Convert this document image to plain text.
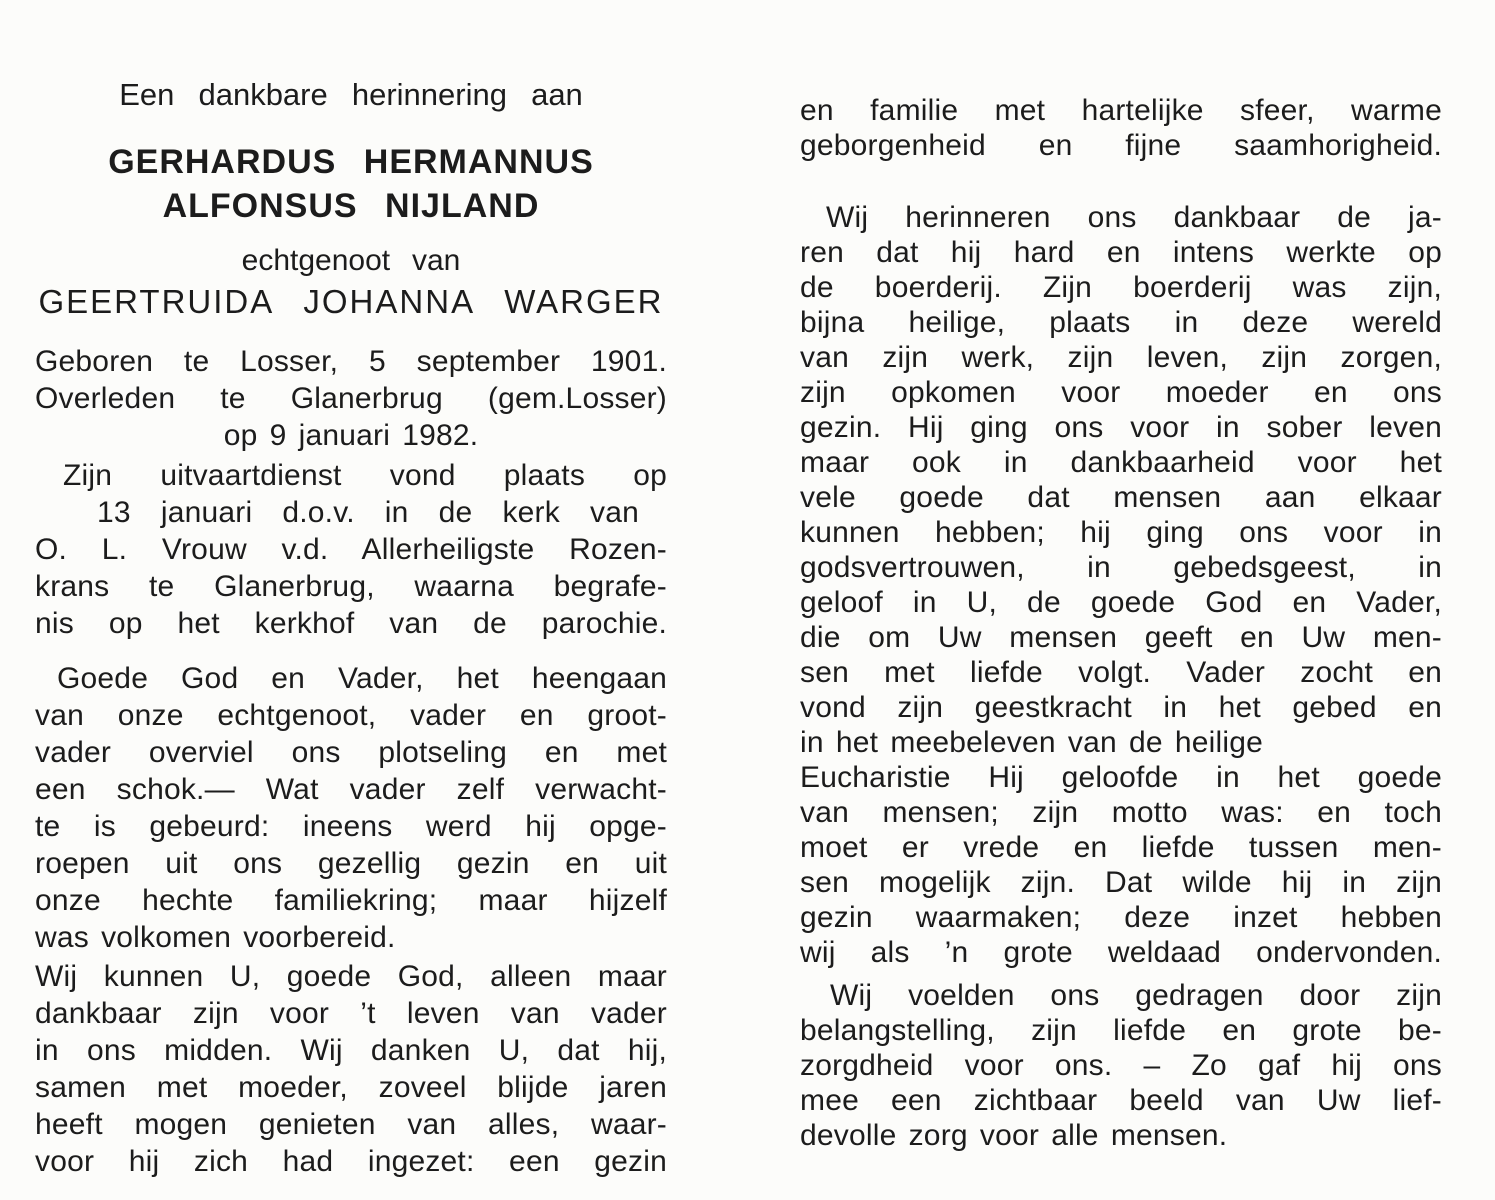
Een dankbare herinnering aan
GERHARDUS HERMANNUS
ALFONSUS NIJLAND
echtgenoot van
GEERTRUIDA JOHANNA WARGER
Geboren te Losser, 5 september 1901.
Overleden te Glanerbrug (gem.Losser)
op 9 januari 1982.
Zijn uitvaartdienst vond plaats op
13 januari d.o.v. in de kerk van
O. L. Vrouw v.d. Allerheiligste Rozen-
krans te Glanerbrug, waarna begrafe-
nis op het kerkhof van de parochie.
Goede God en Vader, het heengaan
van onze echtgenoot, vader en groot-
vader overviel ons plotseling en met
een schok.— Wat vader zelf verwacht-
te is gebeurd: ineens werd hij opge-
roepen uit ons gezellig gezin en uit
onze hechte familiekring; maar hijzelf
was volkomen voorbereid.
Wij kunnen U, goede God, alleen maar
dankbaar zijn voor ’t leven van vader
in ons midden. Wij danken U, dat hij,
samen met moeder, zoveel blijde jaren
heeft mogen genieten van alles, waar-
voor hij zich had ingezet: een gezin
en familie met hartelijke sfeer, warme
geborgenheid en fijne saamhorigheid.
Wij herinneren ons dankbaar de ja-
ren dat hij hard en intens werkte op
de boerderij. Zijn boerderij was zijn,
bijna heilige, plaats in deze wereld
van zijn werk, zijn leven, zijn zorgen,
zijn opkomen voor moeder en ons
gezin. Hij ging ons voor in sober leven
maar ook in dankbaarheid voor het
vele goede dat mensen aan elkaar
kunnen hebben; hij ging ons voor in
godsvertrouwen, in gebedsgeest, in
geloof in U, de goede God en Vader,
die om Uw mensen geeft en Uw men-
sen met liefde volgt. Vader zocht en
vond zijn geestkracht in het gebed en
in het meebeleven van de heilige
Eucharistie Hij geloofde in het goede
van mensen; zijn motto was: en toch
moet er vrede en liefde tussen men-
sen mogelijk zijn. Dat wilde hij in zijn
gezin waarmaken; deze inzet hebben
wij als ’n grote weldaad ondervonden.
Wij voelden ons gedragen door zijn
belangstelling, zijn liefde en grote be-
zorgdheid voor ons. – Zo gaf hij ons
mee een zichtbaar beeld van Uw lief-
devolle zorg voor alle mensen.
